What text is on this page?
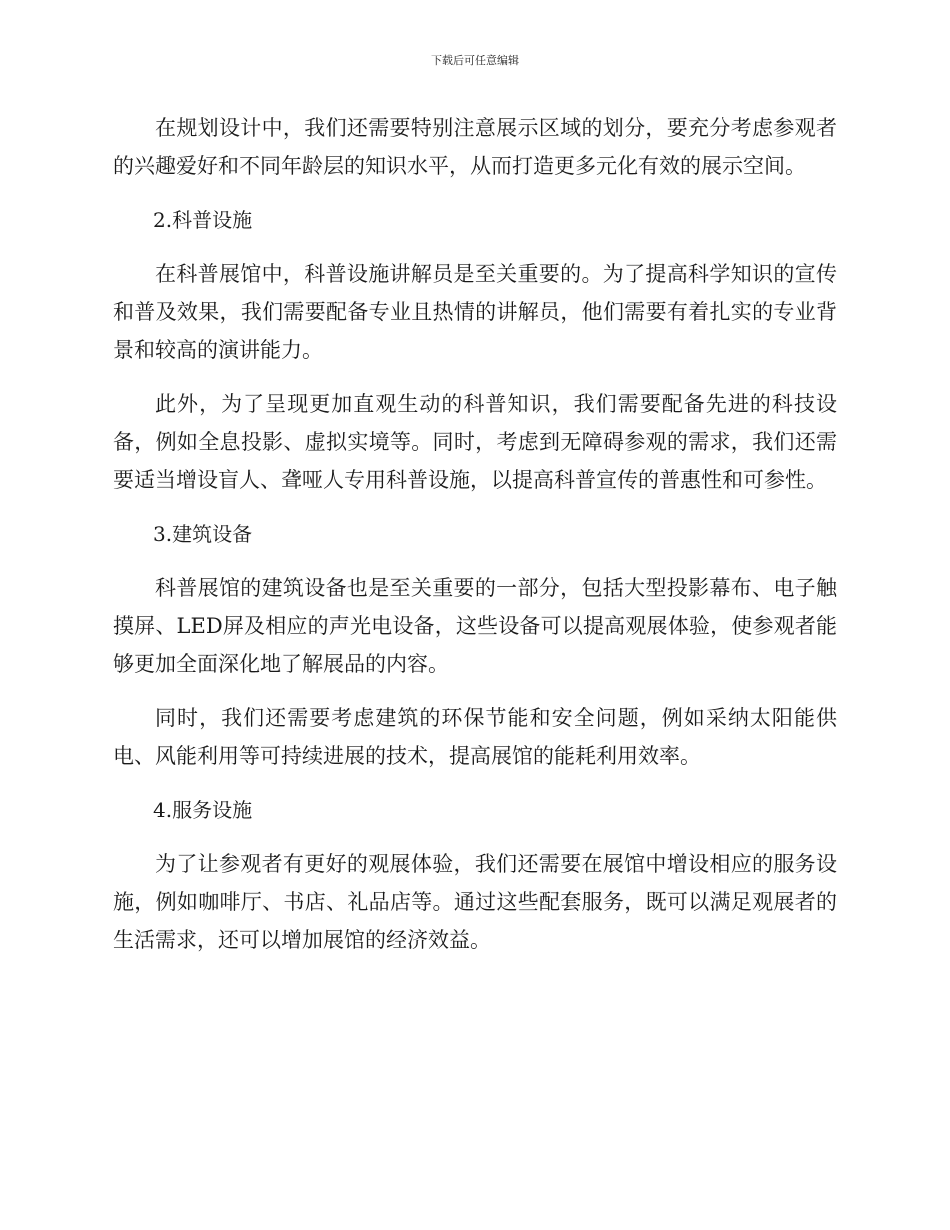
下载后可任意编辑

在规划设计中，我们还需要特别注意展示区域的划分，要充分考虑参观者的兴趣爱好和不同年龄层的知识水平，从而打造更多元化有效的展示空间。

2.科普设施

在科普展馆中，科普设施讲解员是至关重要的。为了提高科学知识的宣传和普及效果，我们需要配备专业且热情的讲解员，他们需要有着扎实的专业背景和较高的演讲能力。

此外，为了呈现更加直观生动的科普知识，我们需要配备先进的科技设备，例如全息投影、虚拟实境等。同时，考虑到无障碍参观的需求，我们还需要适当增设盲人、聋哑人专用科普设施，以提高科普宣传的普惠性和可参性。

3.建筑设备

科普展馆的建筑设备也是至关重要的一部分，包括大型投影幕布、电子触摸屏、LED屏及相应的声光电设备，这些设备可以提高观展体验，使参观者能够更加全面深化地了解展品的内容。

同时，我们还需要考虑建筑的环保节能和安全问题，例如采纳太阳能供电、风能利用等可持续进展的技术，提高展馆的能耗利用效率。

4.服务设施

为了让参观者有更好的观展体验，我们还需要在展馆中增设相应的服务设施，例如咖啡厅、书店、礼品店等。通过这些配套服务，既可以满足观展者的生活需求，还可以增加展馆的经济效益。
